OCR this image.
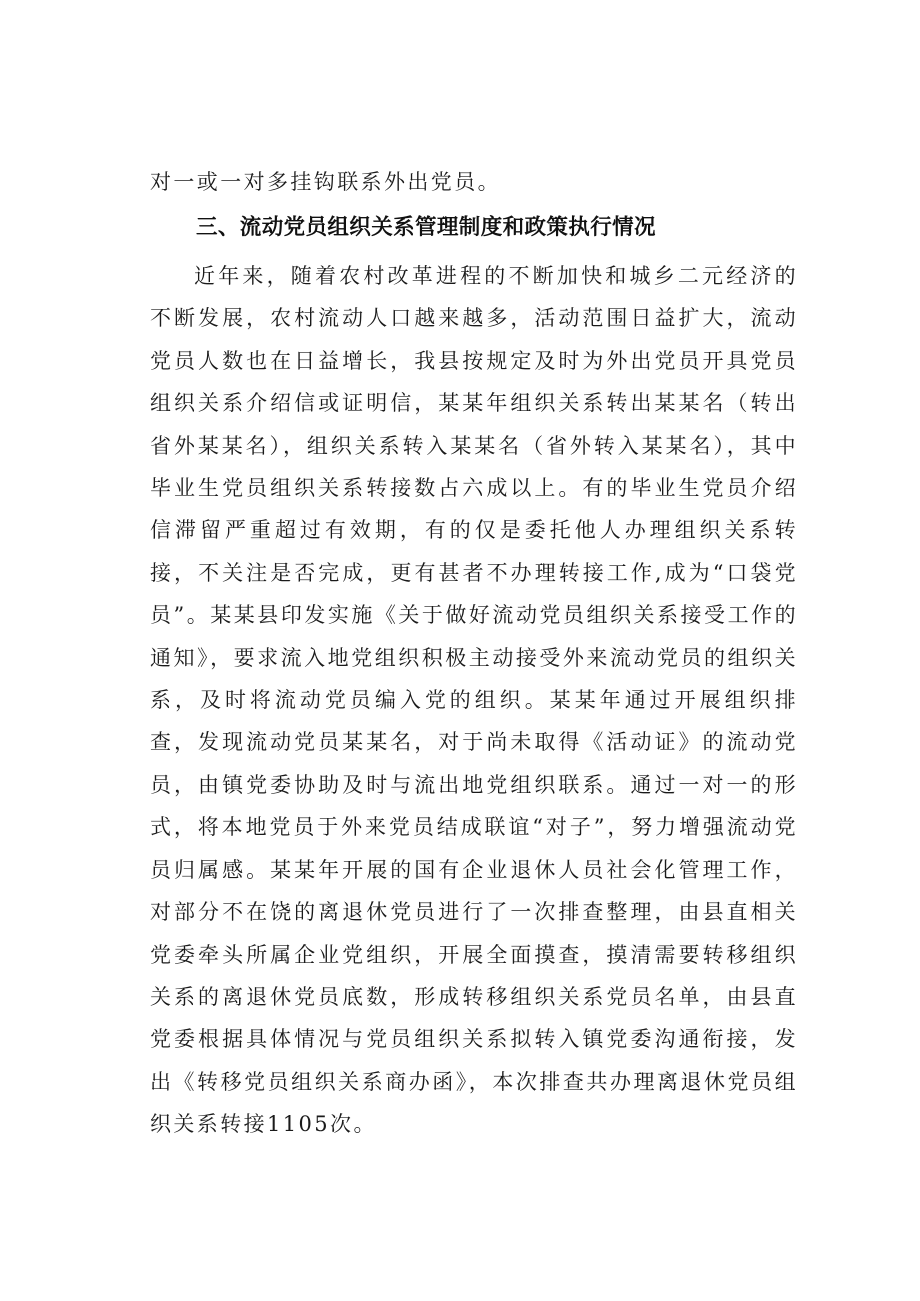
对一或一对多挂钩联系外出党员。
三、流动党员组织关系管理制度和政策执行情况

近年来，随着农村改革进程的不断加快和城乡二元经济的不断发展，农村流动人口越来越多，活动范围日益扩大，流动党员人数也在日益增长，我县按规定及时为外出党员开具党员组织关系介绍信或证明信，某某年组织关系转出某某名（转出省外某某名），组织关系转入某某名（省外转入某某名），其中毕业生党员组织关系转接数占六成以上。有的毕业生党员介绍信滞留严重超过有效期，有的仅是委托他人办理组织关系转接，不关注是否完成，更有甚者不办理转接工作,成为“口袋党员”。某某县印发实施《关于做好流动党员组织关系接受工作的通知》，要求流入地党组织积极主动接受外来流动党员的组织关系，及时将流动党员编入党的组织。某某年通过开展组织排查，发现流动党员某某名，对于尚未取得《活动证》的流动党员，由镇党委协助及时与流出地党组织联系。通过一对一的形式，将本地党员于外来党员结成联谊“对子”，努力增强流动党员归属感。某某年开展的国有企业退休人员社会化管理工作，对部分不在饶的离退休党员进行了一次排查整理，由县直相关党委牵头所属企业党组织，开展全面摸查，摸清需要转移组织关系的离退休党员底数，形成转移组织关系党员名单，由县直党委根据具体情况与党员组织关系拟转入镇党委沟通衔接，发出《转移党员组织关系商办函》，本次排查共办理离退休党员组织关系转接1105次。
